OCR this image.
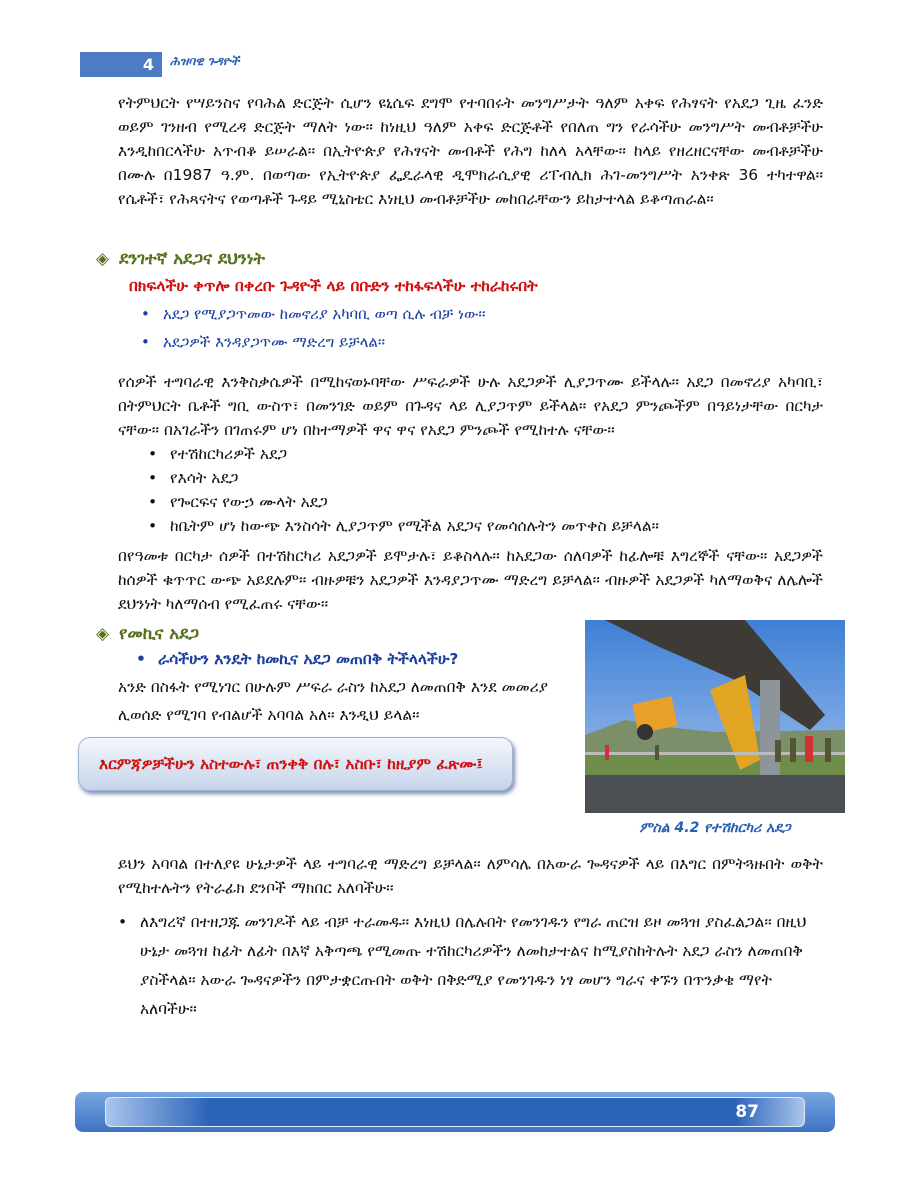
4	ሕዝባዊ ጉዳዮች

የትምህርት የሣይንስና የባሕል ድርጅት ሲሆን ዩኒሴፍ ደግሞ የተባበሩት መንግሥታት ዓለም አቀፍ የሕፃናት የአደጋ ጊዜ ፈንድ ወይም ገንዘብ የሚረዳ ድርጅት ማለት ነው፡፡ ከነዚህ ዓለም አቀፍ ድርጅቶች የበለጠ ግን የራሳችሁ መንግሥት መብቶቻችሁ እንዲከበርላችሁ አጥብቆ ይሠራል፡፡ በኢትዮጵያ የሕፃናት መብቶች የሕግ ከለላ አላቸው፡፡ ከላይ የዘረዘርናቸው መብቶቻችሁ በሙሉ በ1987 ዓ.ም. በወጣው የኢትዮጵያ ፌዴራላዊ ዲሞክራሲያዊ ሪፐብሊክ ሕገ-መንግሥት አንቀጽ 36 ተካተዋል፡፡ የሴቶች፣ የሕጻናትና የወጣቶች ጉዳይ ሚኒስቴር እነዚህ መብቶቻችሁ መከበራቸውን ይከታተላል ይቆጣጠራል፡፡

◈ ደንገተኛ አደጋና ደህንነት
በክፍላችሁ ቀጥሎ በቀረቡ ጉዳዮች ላይ በቡድን ተከፋፍላችሁ ተከራከሩበት
• አደጋ የሚያጋጥመው ከመኖሪያ አካባቢ ወጣ ሲሉ ብቻ ነው፡፡
• አደጋዎች እንዳያጋጥሙ ማድረግ ይቻላል፡፡

የሰዎች ተግባራዊ እንቅስቃሴዎች በሚከናወኑባቸው ሥፍራዎች ሁሉ አደጋዎች ሊያጋጥሙ ይችላሉ፡፡ አደጋ በመኖሪያ አካባቢ፣ በትምህርት ቤቶች ግቢ ውስጥ፣ በመንገድ ወይም በጉዳና ላይ ሊያጋጥም ይችላል፡፡ የአደጋ ምንጮችም በዓይነታቸው በርካታ ናቸው፡፡ በአገራችን በገጠሩም ሆነ በከተማዎች ዋና ዋና የአደጋ ምንጮች የሚከተሉ ናቸው፡፡

• የተሽከርካሪዎች አደጋ
• የእሳት አደጋ
• የጐርፍና የውኃ ሙላት አደጋ
• ከቤትም ሆነ ከውጭ እንስሳት ሊያጋጥም የሚችል አደጋና የመሳሰሉትን መጥቀስ ይቻላል፡፡

በየዓመቱ በርካታ ሰዎች በተሽከርካሪ አደጋዎች ይሞታሉ፣ ይቆስላሉ፡፡ ከአደጋው ሰለባዎች ከፊሎቹ እግረኞች ናቸው፡፡ አደጋዎች ከሰዎች ቁጥጥር ውጭ አይደሉም፡፡ ብዙዎቹን አደጋዎች እንዳያጋጥሙ ማድረግ ይቻላል፡፡ ብዙዎች አደጋዎች ካለማወቅና ለሌሎች ደህንነት ካለማሰብ የሚፈጠሩ ናቸው፡፡

ምስል 4.2 የተሽከርካሪ አደጋ
◈ የመኪና አደጋ
• ራሳችሁን እንዴት ከመኪና አደጋ መጠበቅ ትችላላችሁ?

አንድ በስፋት የሚነገር በሁሉም ሥፍራ ራስን ከአደጋ ለመጠበቅ እንደ መመሪያ ሊወሰድ የሚገባ የብልሆች አባባል አለ፡፡ እንዲህ ይላል፡፡

እርምጃዎቻችሁን አስተውሉ፣ ጠንቀቅ በሉ፣ አስቡ፣ ከዚያም ፈጽሙ፤

ይህን አባባል በተለያዩ ሁኔታዎች ላይ ተግባራዊ ማድረግ ይቻላል፡፡ ለምሳሌ በአውራ ጐዳናዎች ላይ በእግር በምትጓዙበት ወቅት የሚከተሉትን የትራፊክ ደንቦች ማክበር አለባችሁ፡፡

• ለእግረኛ በተዘጋጁ መንገዶች ላይ ብቻ ተራመዱ፡፡ እነዚህ በሌሉበት የመንገዱን የግራ ጠርዝ ይዞ መጓዝ ያስፈልጋል፡፡ በዚህ ሁኔታ መጓዝ ከፊት ለፊት በእኛ አቅጣጫ የሚመጡ ተሽከርካሪዎችን ለመከታተልና ከሚያስከትሉት አደጋ ራስን ለመጠበቅ ያስችላል፡፡ አውራ ጐዳናዎችን በምታቋርጡበት ወቅት በቅድሚያ የመንገዱን ነፃ መሆን ግራና ቀኙን በጥንቃቄ ማየት አለባችሁ፡፡
87
